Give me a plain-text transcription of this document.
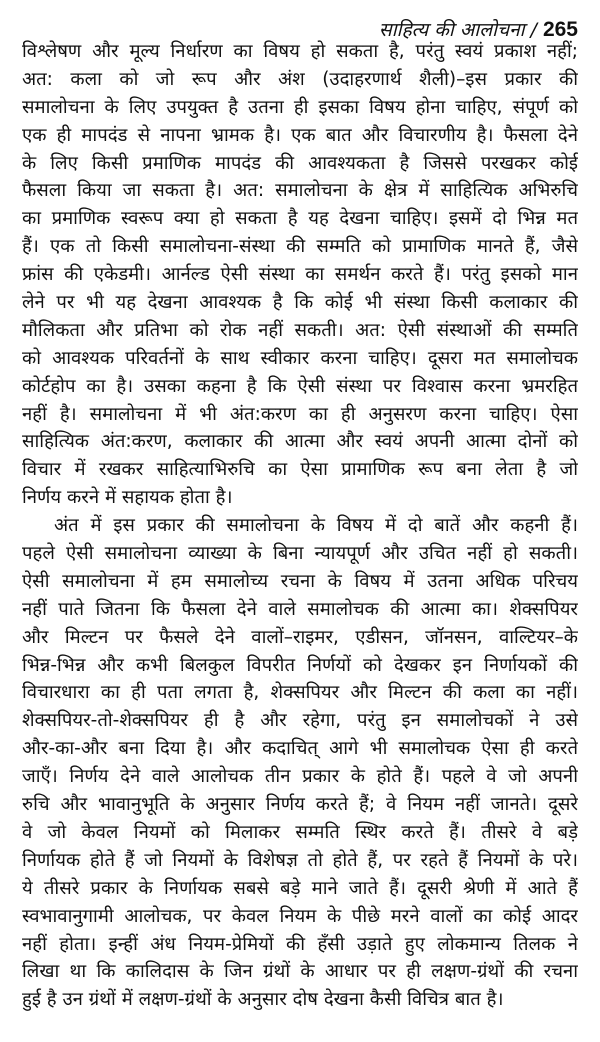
साहित्य की आलोचना / 265
विश्लेषण और मूल्य निर्धारण का विषय हो सकता है, परंतु स्वयं प्रकाश नहीं;
अत: कला को जो रूप और अंश (उदाहरणार्थ शैली)–इस प्रकार की
समालोचना के लिए उपयुक्त है उतना ही इसका विषय होना चाहिए, संपूर्ण को
एक ही मापदंड से नापना भ्रामक है। एक बात और विचारणीय है। फैसला देने
के लिए किसी प्रमाणिक मापदंड की आवश्यकता है जिससे परखकर कोई
फैसला किया जा सकता है। अत: समालोचना के क्षेत्र में साहित्यिक अभिरुचि
का प्रमाणिक स्वरूप क्या हो सकता है यह देखना चाहिए। इसमें दो भिन्न मत
हैं। एक तो किसी समालोचना-संस्था की सम्मति को प्रामाणिक मानते हैं, जैसे
फ्रांस की एकेडमी। आर्नल्ड ऐसी संस्था का समर्थन करते हैं। परंतु इसको मान
लेने पर भी यह देखना आवश्यक है कि कोई भी संस्था किसी कलाकार की
मौलिकता और प्रतिभा को रोक नहीं सकती। अत: ऐसी संस्थाओं की सम्मति
को आवश्यक परिवर्तनों के साथ स्वीकार करना चाहिए। दूसरा मत समालोचक
कोर्टहोप का है। उसका कहना है कि ऐसी संस्था पर विश्वास करना भ्रमरहित
नहीं है। समालोचना में भी अंत:करण का ही अनुसरण करना चाहिए। ऐसा
साहित्यिक अंत:करण, कलाकार की आत्मा और स्वयं अपनी आत्मा दोनों को
विचार में रखकर साहित्याभिरुचि का ऐसा प्रामाणिक रूप बना लेता है जो
निर्णय करने में सहायक होता है।
अंत में इस प्रकार की समालोचना के विषय में दो बातें और कहनी हैं।
पहले ऐसी समालोचना व्याख्या के बिना न्यायपूर्ण और उचित नहीं हो सकती।
ऐसी समालोचना में हम समालोच्य रचना के विषय में उतना अधिक परिचय
नहीं पाते जितना कि फैसला देने वाले समालोचक की आत्मा का। शेक्सपियर
और मिल्टन पर फैसले देने वालों–राइमर, एडीसन, जॉनसन, वाल्टियर–के
भिन्न-भिन्न और कभी बिलकुल विपरीत निर्णयों को देखकर इन निर्णायकों की
विचारधारा का ही पता लगता है, शेक्सपियर और मिल्टन की कला का नहीं।
शेक्सपियर-तो-शेक्सपियर ही है और रहेगा, परंतु इन समालोचकों ने उसे
और-का-और बना दिया है। और कदाचित् आगे भी समालोचक ऐसा ही करते
जाएँ। निर्णय देने वाले आलोचक तीन प्रकार के होते हैं। पहले वे जो अपनी
रुचि और भावानुभूति के अनुसार निर्णय करते हैं; वे नियम नहीं जानते। दूसरे
वे जो केवल नियमों को मिलाकर सम्मति स्थिर करते हैं। तीसरे वे बड़े
निर्णायक होते हैं जो नियमों के विशेषज्ञ तो होते हैं, पर रहते हैं नियमों के परे।
ये तीसरे प्रकार के निर्णायक सबसे बड़े माने जाते हैं। दूसरी श्रेणी में आते हैं
स्वभावानुगामी आलोचक, पर केवल नियम के पीछे मरने वालों का कोई आदर
नहीं होता। इन्हीं अंध नियम-प्रेमियों की हँसी उड़ाते हुए लोकमान्य तिलक ने
लिखा था कि कालिदास के जिन ग्रंथों के आधार पर ही लक्षण-ग्रंथों की रचना
हुई है उन ग्रंथों में लक्षण-ग्रंथों के अनुसार दोष देखना कैसी विचित्र बात है।
